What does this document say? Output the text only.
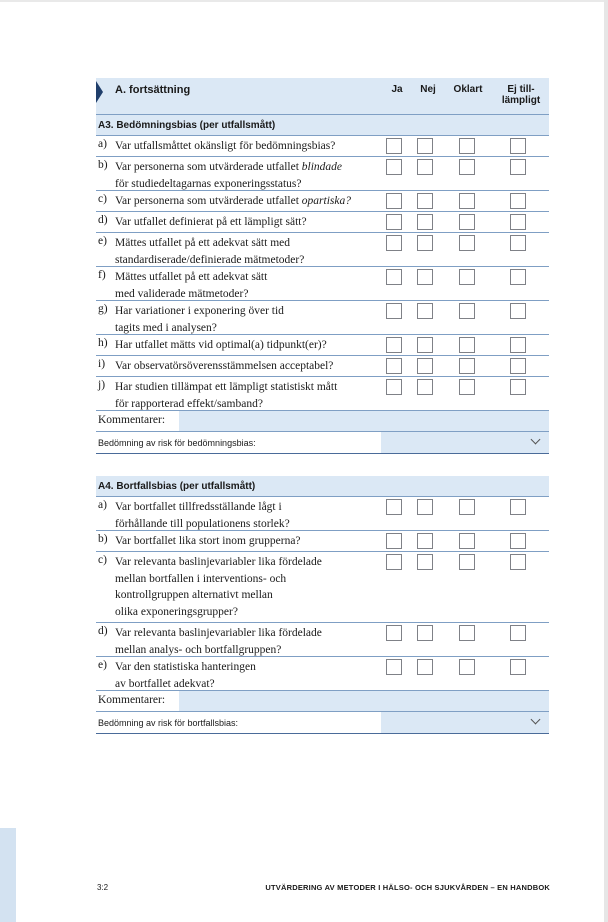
A. fortsättning	Ja	Nej	Oklart	Ej till-
lämpligt
A3. Bedömningsbias (per utfallsmått)
a) Var utfallsmåttet okänsligt för bedömningsbias?
b) Var personerna som utvärderade utfallet blindade
för studiedeltagarnas exponeringsstatus?
c) Var personerna som utvärderade utfallet opartiska?
d) Var utfallet definierat på ett lämpligt sätt?
e) Mättes utfallet på ett adekvat sätt med
standardiserade/definierade mätmetoder?
f) Mättes utfallet på ett adekvat sätt
med validerade mätmetoder?
g) Har variationer i exponering över tid
tagits med i analysen?
h) Har utfallet mätts vid optimal(a) tidpunkt(er)?
i) Var observatörsöverensstämmelsen acceptabel?
j) Har studien tillämpat ett lämpligt statistiskt mått
för rapporterad effekt/samband?
Kommentarer:
Bedömning av risk för bedömningsbias:
A4. Bortfallsbias (per utfallsmått)
a) Var bortfallet tillfredsställande lågt i
förhållande till populationens storlek?
b) Var bortfallet lika stort inom grupperna?
c) Var relevanta baslinjevariabler lika fördelade
mellan bortfallen i interventions- och
kontrollgruppen alternativt mellan
olika exponeringsgrupper?
d) Var relevanta baslinjevariabler lika fördelade
mellan analys- och bortfallgruppen?
e) Var den statistiska hanteringen
av bortfallet adekvat?
Kommentarer:
Bedömning av risk för bortfallsbias:
3:2	UTVÄRDERING AV METODER I HÄLSO- OCH SJUKVÅRDEN – EN HANDBOK
